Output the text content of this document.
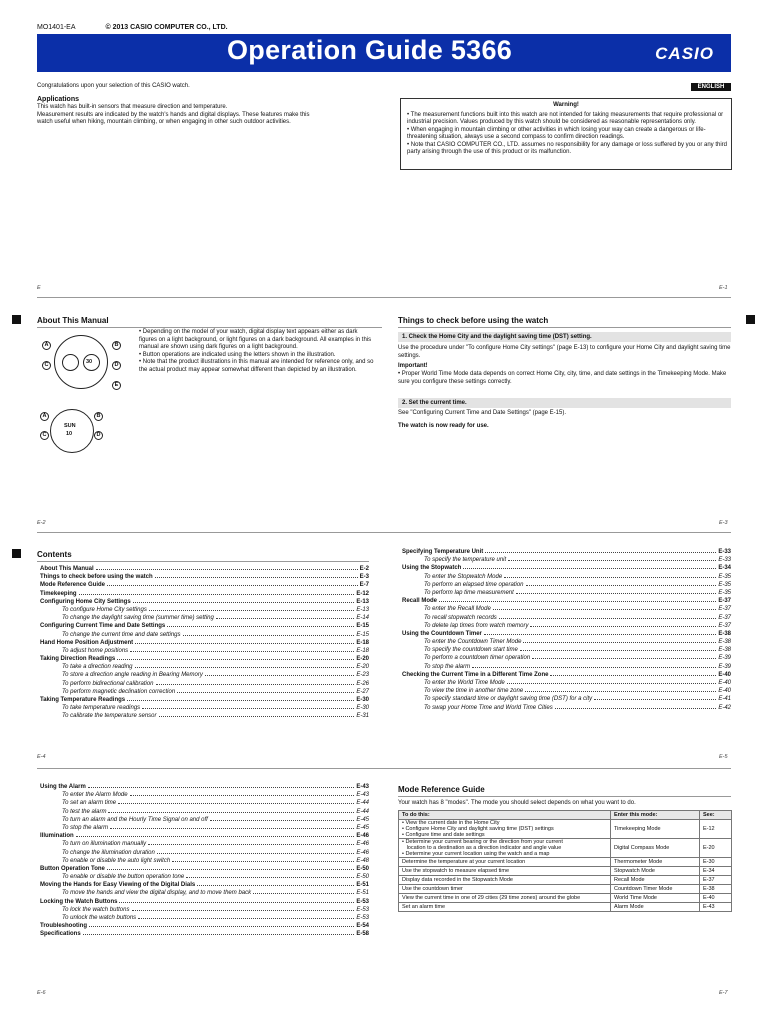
MO1401-EA	© 2013 CASIO COMPUTER CO., LTD.
Operation Guide 5366	CASIO
ENGLISH
Congratulations upon your selection of this CASIO watch.
Applications
This watch has built-in sensors that measure direction and temperature.
Measurement results are indicated by the watch's hands and digital displays. These features make this
watch useful when hiking, mountain climbing, or when engaging in other such outdoor activities.
Warning!
• The measurement functions built into this watch are not intended for taking measurements that require professional or industrial precision. Values produced by this watch should be considered as reasonable representations only.
• When engaging in mountain climbing or other activities in which losing your way can create a dangerous or life-threatening situation, always use a second compass to confirm direction readings.
• Note that CASIO COMPUTER CO., LTD. assumes no responsibility for any damage or loss suffered by you or any third party arising through the use of this product or its malfunction.
E	E-1
About This Manual
30
A	B
C	D
E
SUN
10
A	B
C	D
• Depending on the model of your watch, digital display text appears either as dark figures on a light background, or light figures on a dark background. All examples in this manual are shown using dark figures on a light background.
• Button operations are indicated using the letters shown in the illustration.
• Note that the product illustrations in this manual are intended for reference only, and so the actual product may appear somewhat different than depicted by an illustration.
Things to check before using the watch
1. Check the Home City and the daylight saving time (DST) setting.
Use the procedure under "To configure Home City settings" (page E-13) to configure your Home City and daylight saving time settings.
Important!
• Proper World Time Mode data depends on correct Home City, city, time, and date settings in the Timekeeping Mode. Make sure you configure these settings correctly.
2. Set the current time.
See "Configuring Current Time and Date Settings" (page E-15).
The watch is now ready for use.
E-2	E-3
Contents
About This Manual	E-2
Things to check before using the watch	E-3
Mode Reference Guide	E-7
Timekeeping	E-12
Configuring Home City Settings	E-13
To configure Home City settings	E-13
To change the daylight saving time (summer time) setting	E-14
Configuring Current Time and Date Settings	E-15
To change the current time and date settings	E-15
Hand Home Position Adjustment	E-18
To adjust home positions	E-18
Taking Direction Readings	E-20
To take a direction reading	E-20
To store a direction angle reading in Bearing Memory	E-23
To perform bidirectional calibration	E-26
To perform magnetic declination correction	E-27
Taking Temperature Readings	E-30
To take temperature readings	E-30
To calibrate the temperature sensor	E-31
Specifying Temperature Unit	E-33
To specify the temperature unit	E-33
Using the Stopwatch	E-34
To enter the Stopwatch Mode	E-35
To perform an elapsed time operation	E-35
To perform lap time measurement	E-35
Recall Mode	E-37
To enter the Recall Mode	E-37
To recall stopwatch records	E-37
To delete lap times from watch memory	E-37
Using the Countdown Timer	E-38
To enter the Countdown Timer Mode	E-38
To specify the countdown start time	E-38
To perform a countdown timer operation	E-39
To stop the alarm	E-39
Checking the Current Time in a Different Time Zone	E-40
To enter the World Time Mode	E-40
To view the time in another time zone	E-40
To specify standard time or daylight saving time (DST) for a city	E-41
To swap your Home Time and World Time Cities	E-42
E-4	E-5
Using the Alarm	E-43
To enter the Alarm Mode	E-43
To set an alarm time	E-44
To test the alarm	E-44
To turn an alarm and the Hourly Time Signal on and off	E-45
To stop the alarm	E-45
Illumination	E-46
To turn on illumination manually	E-46
To change the illumination duration	E-46
To enable or disable the auto light switch	E-48
Button Operation Tone	E-50
To enable or disable the button operation tone	E-50
Moving the Hands for Easy Viewing of the Digital Dials	E-51
To move the hands and view the digital display, and to move them back	E-51
Locking the Watch Buttons	E-53
To lock the watch buttons	E-53
To unlock the watch buttons	E-53
Troubleshooting	E-54
Specifications	E-58
Mode Reference Guide
Your watch has 8 "modes". The mode you should select depends on what you want to do.
To do this:	Enter this mode:	See:

• View the current date in the Home City
• Configure Home City and daylight saving time (DST) settings
• Configure time and date settings	Timekeeping Mode	E-12

• Determine your current bearing or the direction from your current
location to a destination as a direction indicator and angle value
• Determine your current location using the watch and a map	Digital Compass Mode	E-20

Determine the temperature at your current location	Thermometer Mode	E-30

Use the stopwatch to measure elapsed time	Stopwatch Mode	E-34

Display data recorded in the Stopwatch Mode	Recall Mode	E-37

Use the countdown timer	Countdown Timer Mode	E-38

View the current time in one of 29 cities (29 time zones) around the globe	World Time Mode	E-40

Set an alarm time	Alarm Mode	E-43
E-6	E-7
